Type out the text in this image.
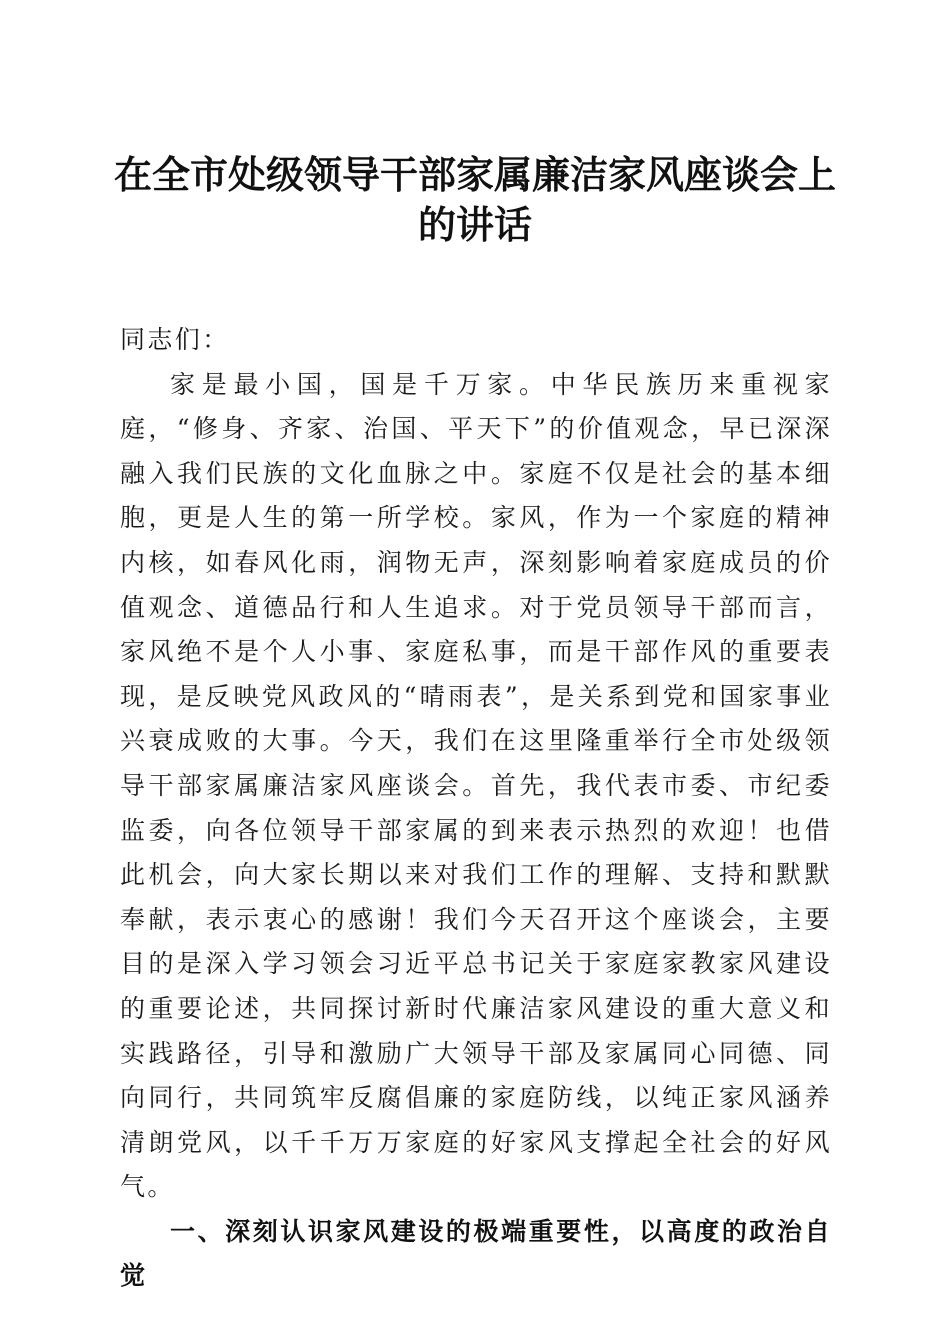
在全市处级领导干部家属廉洁家风座谈会上的讲话

同志们：

家是最小国，国是千万家。中华民族历来重视家庭，“修身、齐家、治国、平天下”的价值观念，早已深深融入我们民族的文化血脉之中。家庭不仅是社会的基本细胞，更是人生的第一所学校。家风，作为一个家庭的精神内核，如春风化雨，润物无声，深刻影响着家庭成员的价值观念、道德品行和人生追求。对于党员领导干部而言，家风绝不是个人小事、家庭私事，而是干部作风的重要表现，是反映党风政风的“晴雨表”，是关系到党和国家事业兴衰成败的大事。今天，我们在这里隆重举行全市处级领导干部家属廉洁家风座谈会。首先，我代表市委、市纪委监委，向各位领导干部家属的到来表示热烈的欢迎！也借此机会，向大家长期以来对我们工作的理解、支持和默默奉献，表示衷心的感谢！我们今天召开这个座谈会，主要目的是深入学习领会习近平总书记关于家庭家教家风建设的重要论述，共同探讨新时代廉洁家风建设的重大意义和实践路径，引导和激励广大领导干部及家属同心同德、同向同行，共同筑牢反腐倡廉的家庭防线，以纯正家风涵养清朗党风，以千千万万家庭的好家风支撑起全社会的好风气。

一、深刻认识家风建设的极端重要性，以高度的政治自觉
